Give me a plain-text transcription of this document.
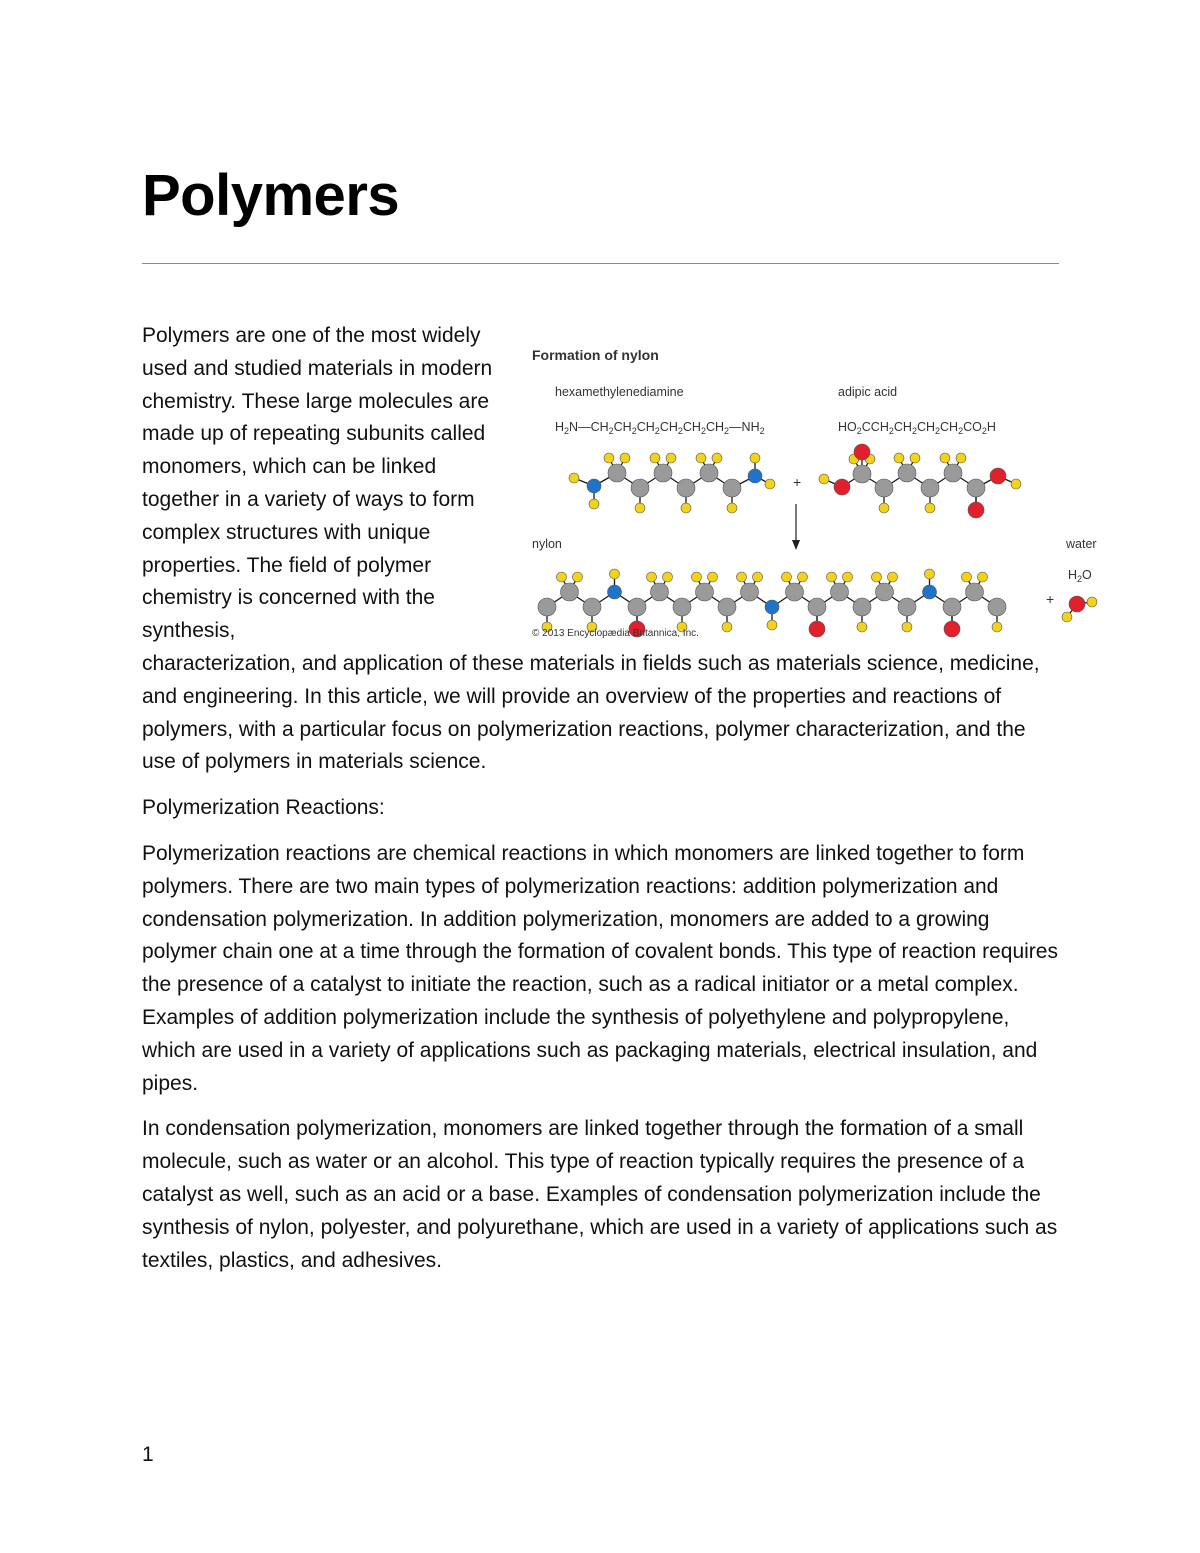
Polymers
Formation of nylon
hexamethylenediamine
$H_2N—CH_2CH_2CH_2CH_2CH_2CH_2—NH_2$
adipic acid
$HO_2CCH_2CH_2CH_2CH_2CO_2H$
+
nylon	water
$H_2O$
+
© 2013 Encyclopædia Britannica, Inc.

Polymers are one of the most widely used and studied materials in modern chemistry. These large molecules are made up of repeating subunits called monomers, which can be linked together in a variety of ways to form complex structures with unique properties. The field of polymer chemistry is concerned with the synthesis,

characterization, and application of these materials in fields such as materials science, medicine, and engineering. In this article, we will provide an overview of the properties and reactions of polymers, with a particular focus on polymerization reactions, polymer characterization, and the use of polymers in materials science.

Polymerization Reactions:

Polymerization reactions are chemical reactions in which monomers are linked together to form polymers. There are two main types of polymerization reactions: addition polymerization and condensation polymerization. In addition polymerization, monomers are added to a growing polymer chain one at a time through the formation of covalent bonds. This type of reaction requires the presence of a catalyst to initiate the reaction, such as a radical initiator or a metal complex. Examples of addition polymerization include the synthesis of polyethylene and polypropylene, which are used in a variety of applications such as packaging materials, electrical insulation, and pipes.

In condensation polymerization, monomers are linked together through the formation of a small molecule, such as water or an alcohol. This type of reaction typically requires the presence of a catalyst as well, such as an acid or a base. Examples of condensation polymerization include the synthesis of nylon, polyester, and polyurethane, which are used in a variety of applications such as textiles, plastics, and adhesives.

1
